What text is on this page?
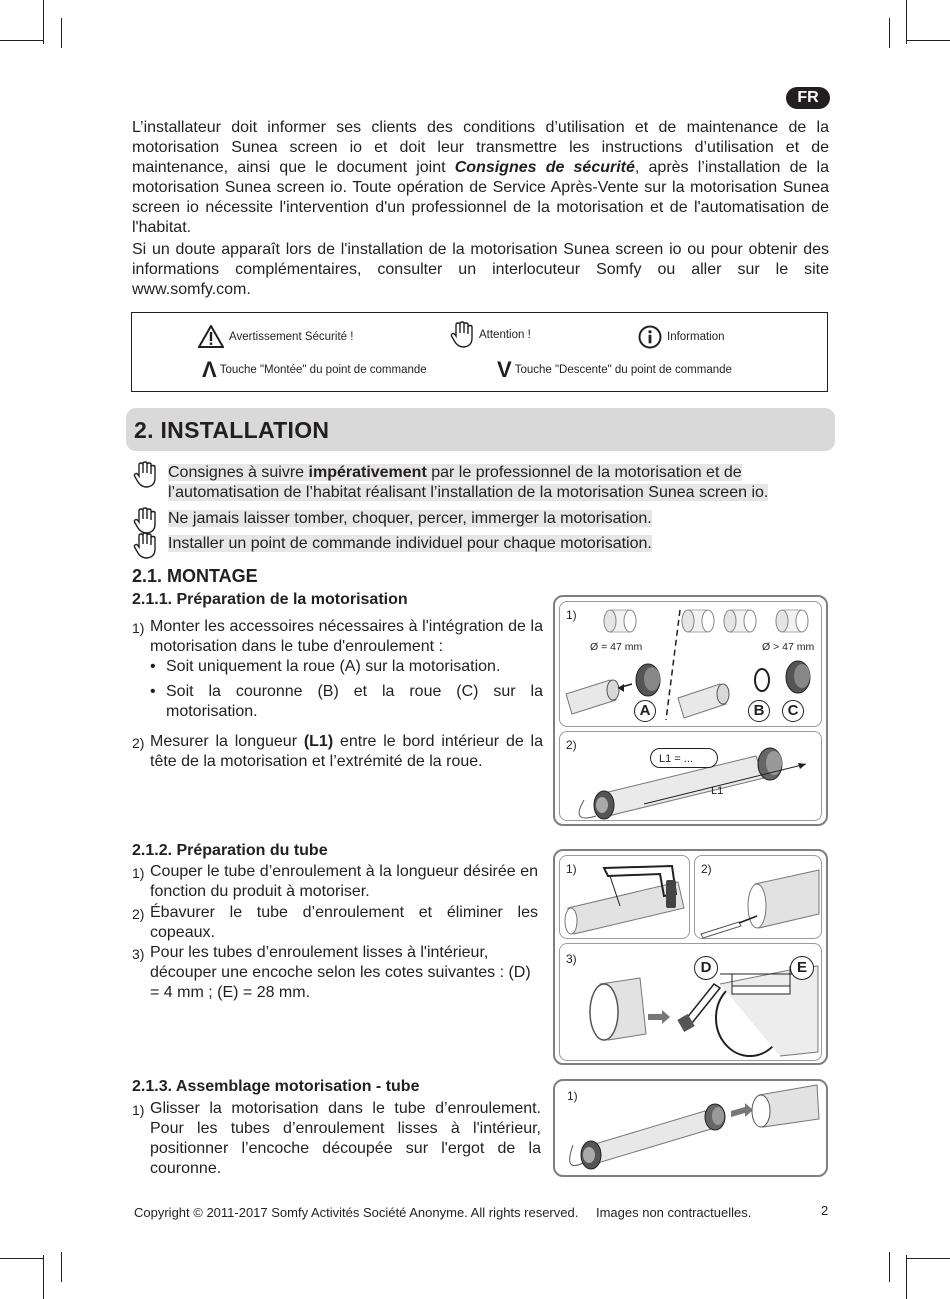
FR

L’installateur doit informer ses clients des conditions d’utilisation et de maintenance de la motorisation Sunea screen io et doit leur transmettre les instructions d’utilisation et de maintenance, ainsi que le document joint Consignes de sécurité, après l’installation de la motorisation Sunea screen io. Toute opération de Service Après-Vente sur la motorisation Sunea screen io nécessite l'intervention d'un professionnel de la motorisation et de l'automatisation de l'habitat.

Si un doute apparaît lors de l'installation de la motorisation Sunea screen io ou pour obtenir des informations complémentaires, consulter un interlocuteur Somfy ou aller sur le site www.somfy.com.

Avertissement Sécurité !	Attention !	Information
Λ Touche "Montée" du point de commande	V Touche "Descente" du point de commande
2. INSTALLATION
Consignes à suivre impérativement par le professionnel de la motorisation et de
l’automatisation de l’habitat réalisant l’installation de la motorisation Sunea screen io.
Ne jamais laisser tomber, choquer, percer, immerger la motorisation.
Installer un point de commande individuel pour chaque motorisation.
2.1. MONTAGE
2.1.1. Préparation de la motorisation
1) Monter les accessoires nécessaires à l'intégration de la motorisation dans le tube d'enroulement :

• Soit uniquement la roue (A) sur la motorisation.

• Soit la couronne (B) et la roue (C) sur la motorisation.

2) Mesurer la longueur (L1) entre le bord intérieur de la tête de la motorisation et l’extrémité de la roue.

1)
Ø = 47 mm	Ø > 47 mm
A	B	C
2)
L1 = ...
L1
2.1.2. Préparation du tube
1) Couper le tube d’enroulement à la longueur désirée en fonction du produit à motoriser.

2) Ébavurer le tube d’enroulement et éliminer les copeaux.

3) Pour les tubes d’enroulement lisses à l'intérieur, découper une encoche selon les cotes suivantes : (D) = 4 mm ; (E) = 28 mm.

1)	2)
3)	D	E
2.1.3. Assemblage motorisation - tube
1) Glisser la motorisation dans le tube d’enroulement. Pour les tubes d’enroulement lisses à l'intérieur, positionner l’encoche découpée sur l'ergot de la couronne.

1)
Copyright © 2011-2017 Somfy Activités Société Anonyme. All rights reserved. Images non contractuelles.	2
